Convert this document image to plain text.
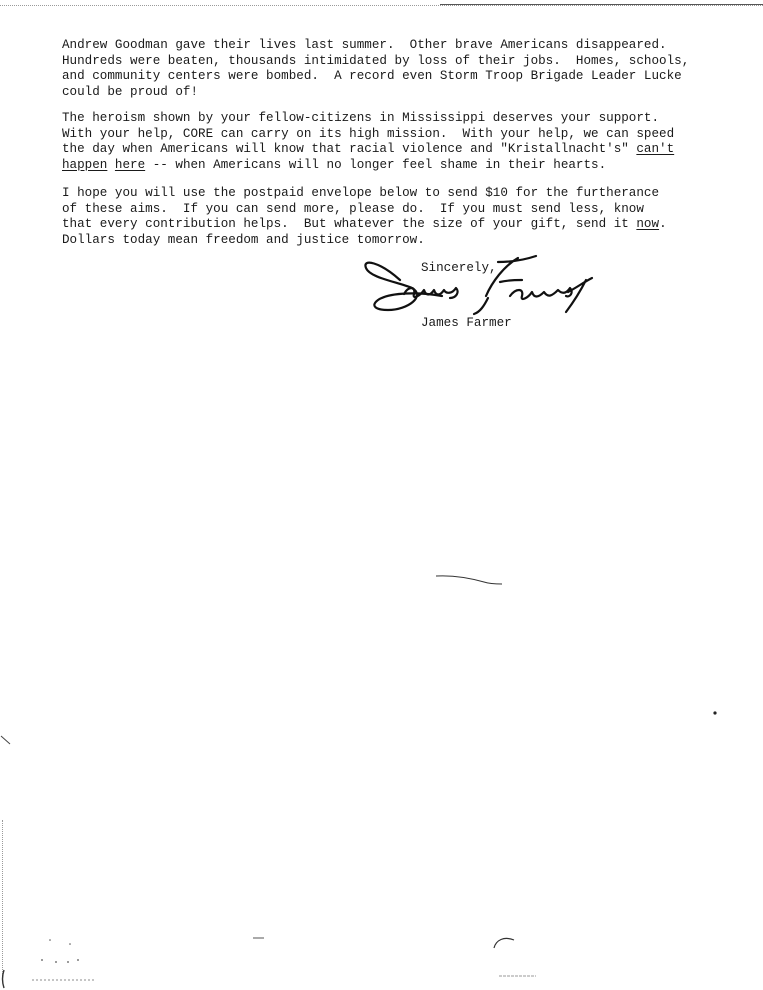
Andrew Goodman gave their lives last summer.  Other brave Americans disappeared.
Hundreds were beaten, thousands intimidated by loss of their jobs.  Homes, schools,
and community centers were bombed.  A record even Storm Troop Brigade Leader Lucke
could be proud of!
The heroism shown by your fellow-citizens in Mississippi deserves your support.
With your help, CORE can carry on its high mission.  With your help, we can speed
the day when Americans will know that racial violence and "Kristallnacht's" can't
happen here -- when Americans will no longer feel shame in their hearts.
I hope you will use the postpaid envelope below to send $10 for the furtherance
of these aims.  If you can send more, please do.  If you must send less, know
that every contribution helps.  But whatever the size of your gift, send it now.
Dollars today mean freedom and justice tomorrow.
Sincerely,
James Farmer
